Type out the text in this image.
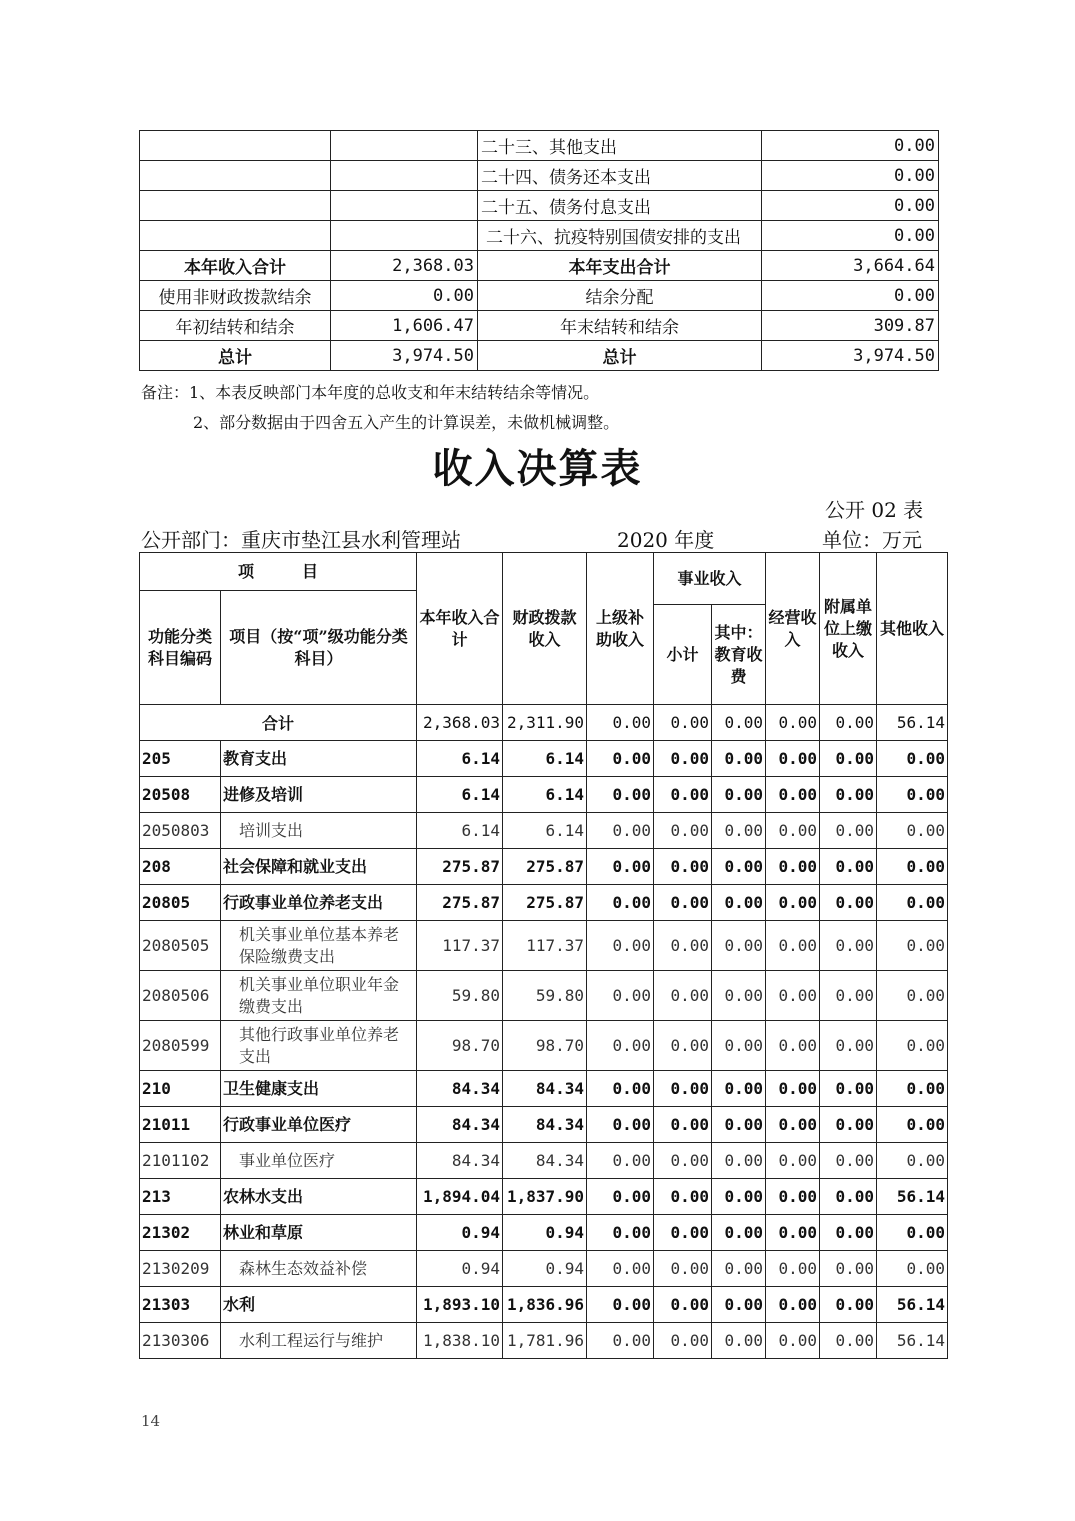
		二十三、其他支出	0.00
		二十四、债务还本支出	0.00
		二十五、债务付息支出	0.00
		二十六、抗疫特别国债安排的支出	0.00
本年收入合计	2,368.03	本年支出合计	3,664.64
使用非财政拨款结余	0.00	结余分配	0.00
年初结转和结余	1,606.47	年末结转和结余	309.87
总计	3,974.50	总计	3,974.50
备注：1、本表反映部门本年度的总收支和年末结转结余等情况。
2、部分数据由于四舍五入产生的计算误差，未做机械调整。
收入决算表
公开 02 表
公开部门：重庆市垫江县水利管理站	2020 年度	单位：万元
项　　　目		本年收入合计	财政拨款收入	上级补助收入	事业收入		经营收入	附属单位上缴收入	其他收入
功能分类科目编码	项目（按“项”级功能分类科目）								
					小计	其中：教育收费			
合计		2,368.03	2,311.90	0.00	0.00	0.00	0.00	0.00	56.14
205	教育支出	6.14	6.14	0.00	0.00	0.00	0.00	0.00	0.00
20508	进修及培训	6.14	6.14	0.00	0.00	0.00	0.00	0.00	0.00
2050803	培训支出	6.14	6.14	0.00	0.00	0.00	0.00	0.00	0.00
208	社会保障和就业支出	275.87	275.87	0.00	0.00	0.00	0.00	0.00	0.00
20805	行政事业单位养老支出	275.87	275.87	0.00	0.00	0.00	0.00	0.00	0.00
2080505	机关事业单位基本养老保险缴费支出	117.37	117.37	0.00	0.00	0.00	0.00	0.00	0.00
2080506	机关事业单位职业年金缴费支出	59.80	59.80	0.00	0.00	0.00	0.00	0.00	0.00
2080599	其他行政事业单位养老支出	98.70	98.70	0.00	0.00	0.00	0.00	0.00	0.00
210	卫生健康支出	84.34	84.34	0.00	0.00	0.00	0.00	0.00	0.00
21011	行政事业单位医疗	84.34	84.34	0.00	0.00	0.00	0.00	0.00	0.00
2101102	事业单位医疗	84.34	84.34	0.00	0.00	0.00	0.00	0.00	0.00
213	农林水支出	1,894.04	1,837.90	0.00	0.00	0.00	0.00	0.00	56.14
21302	林业和草原	0.94	0.94	0.00	0.00	0.00	0.00	0.00	0.00
2130209	森林生态效益补偿	0.94	0.94	0.00	0.00	0.00	0.00	0.00	0.00
21303	水利	1,893.10	1,836.96	0.00	0.00	0.00	0.00	0.00	56.14
2130306	水利工程运行与维护	1,838.10	1,781.96	0.00	0.00	0.00	0.00	0.00	56.14
14
